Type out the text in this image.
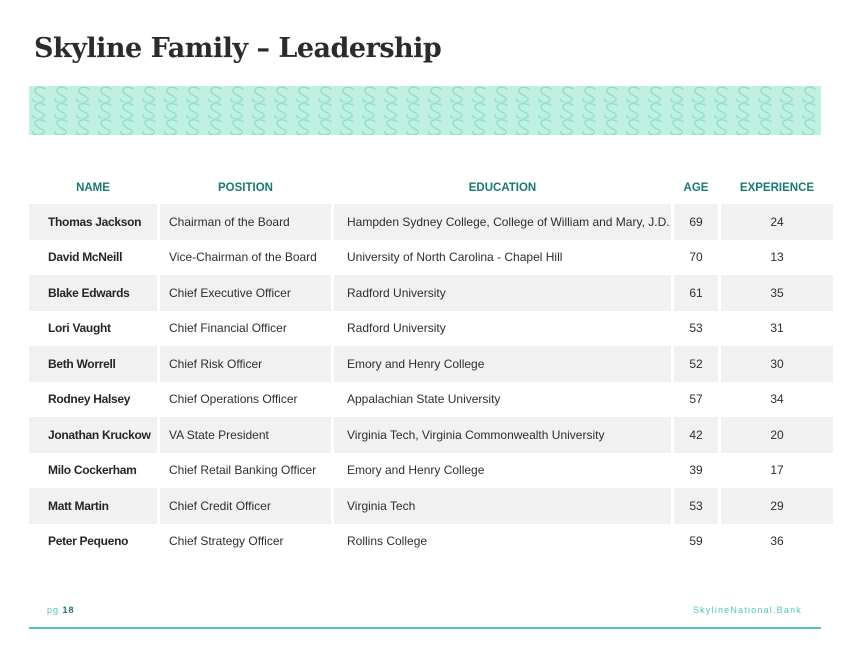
Skyline Family – Leadership
NAME	POSITION	EDUCATION	AGE	EXPERIENCE
Thomas Jackson	Chairman of the Board	Hampden Sydney College, College of William and Mary, J.D.	69	24
David McNeill	Vice-Chairman of the Board	University of North Carolina - Chapel Hill	70	13
Blake Edwards	Chief Executive Officer	Radford University	61	35
Lori Vaught	Chief Financial Officer	Radford University	53	31
Beth Worrell	Chief Risk Officer	Emory and Henry College	52	30
Rodney Halsey	Chief Operations Officer	Appalachian State University	57	34
Jonathan Kruckow	VA State President	Virginia Tech, Virginia Commonwealth University	42	20
Milo Cockerham	Chief Retail Banking Officer	Emory and Henry College	39	17
Matt Martin	Chief Credit Officer	Virginia Tech	53	29
Peter Pequeno	Chief Strategy Officer	Rollins College	59	36
pg 18	SkylineNational.Bank
